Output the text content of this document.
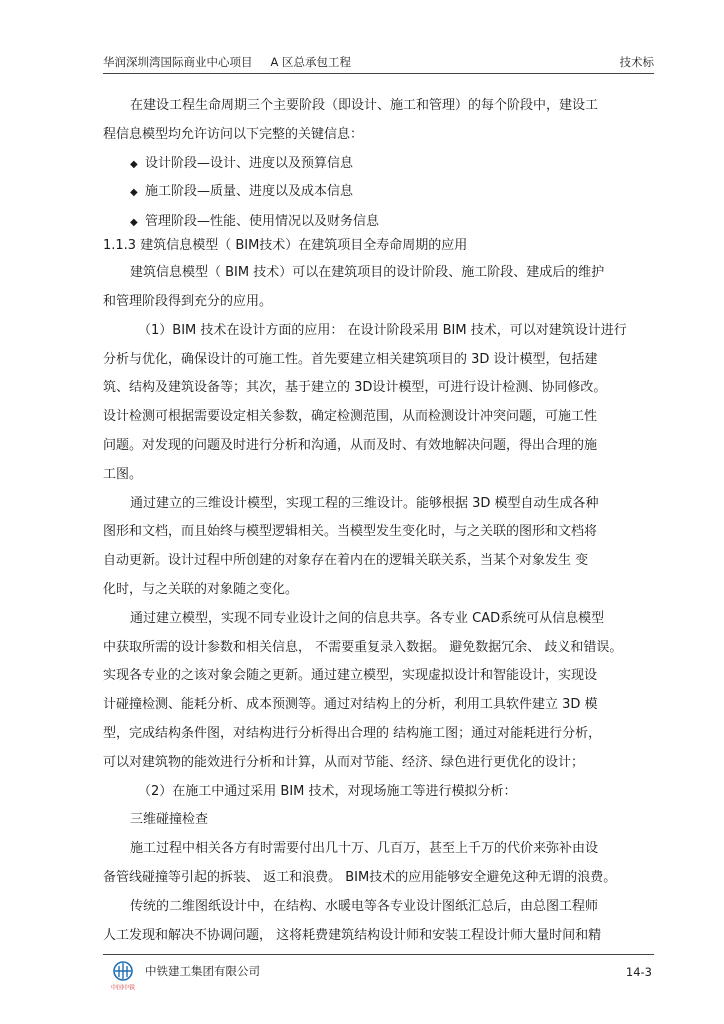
华润深圳湾国际商业中心项目 A 区总承包工程	技术标
在建设工程生命周期三个主要阶段（即设计、施工和管理）的每个阶段中，建设工
程信息模型均允许访问以下完整的关键信息：
◆ 设计阶段—设计、进度以及预算信息
◆ 施工阶段—质量、进度以及成本信息
◆ 管理阶段—性能、使用情况以及财务信息
1.1.3 建筑信息模型（ BIM技术）在建筑项目全寿命周期的应用
建筑信息模型（ BIM 技术）可以在建筑项目的设计阶段、施工阶段、建成后的维护
和管理阶段得到充分的应用。
（1）BIM 技术在设计方面的应用： 在设计阶段采用 BIM 技术，可以对建筑设计进行
分析与优化，确保设计的可施工性。首先要建立相关建筑项目的 3D 设计模型，包括建
筑、结构及建筑设备等；其次，基于建立的 3D设计模型，可进行设计检测、协同修改。
设计检测可根据需要设定相关参数，确定检测范围，从而检测设计冲突问题，可施工性
问题。对发现的问题及时进行分析和沟通，从而及时、有效地解决问题，得出合理的施
工图。
通过建立的三维设计模型，实现工程的三维设计。能够根据 3D 模型自动生成各种
图形和文档，而且始终与模型逻辑相关。当模型发生变化时，与之关联的图形和文档将
自动更新。设计过程中所创建的对象存在着内在的逻辑关联关系，当某个对象发生 变
化时，与之关联的对象随之变化。
通过建立模型，实现不同专业设计之间的信息共享。各专业 CAD系统可从信息模型
中获取所需的设计参数和相关信息， 不需要重复录入数据。 避免数据冗余、 歧义和错误。
实现各专业的之该对象会随之更新。通过建立模型，实现虚拟设计和智能设计，实现设
计碰撞检测、能耗分析、成本预测等。通过对结构上的分析，利用工具软件建立 3D 模
型，完成结构条件图，对结构进行分析得出合理的 结构施工图；通过对能耗进行分析，
可以对建筑物的能效进行分析和计算，从而对节能、经济、绿色进行更优化的设计；
（2）在施工中通过采用 BIM 技术，对现场施工等进行模拟分析：
三维碰撞检查
施工过程中相关各方有时需要付出几十万、几百万，甚至上千万的代价来弥补由设
备管线碰撞等引起的拆装、 返工和浪费。 BIM技术的应用能够安全避免这种无谓的浪费。
传统的二维图纸设计中，在结构、水暖电等各专业设计图纸汇总后，由总图工程师
人工发现和解决不协调问题， 这将耗费建筑结构设计师和安装工程设计师大量时间和精
中国中铁
中铁建工集团有限公司	14-3
